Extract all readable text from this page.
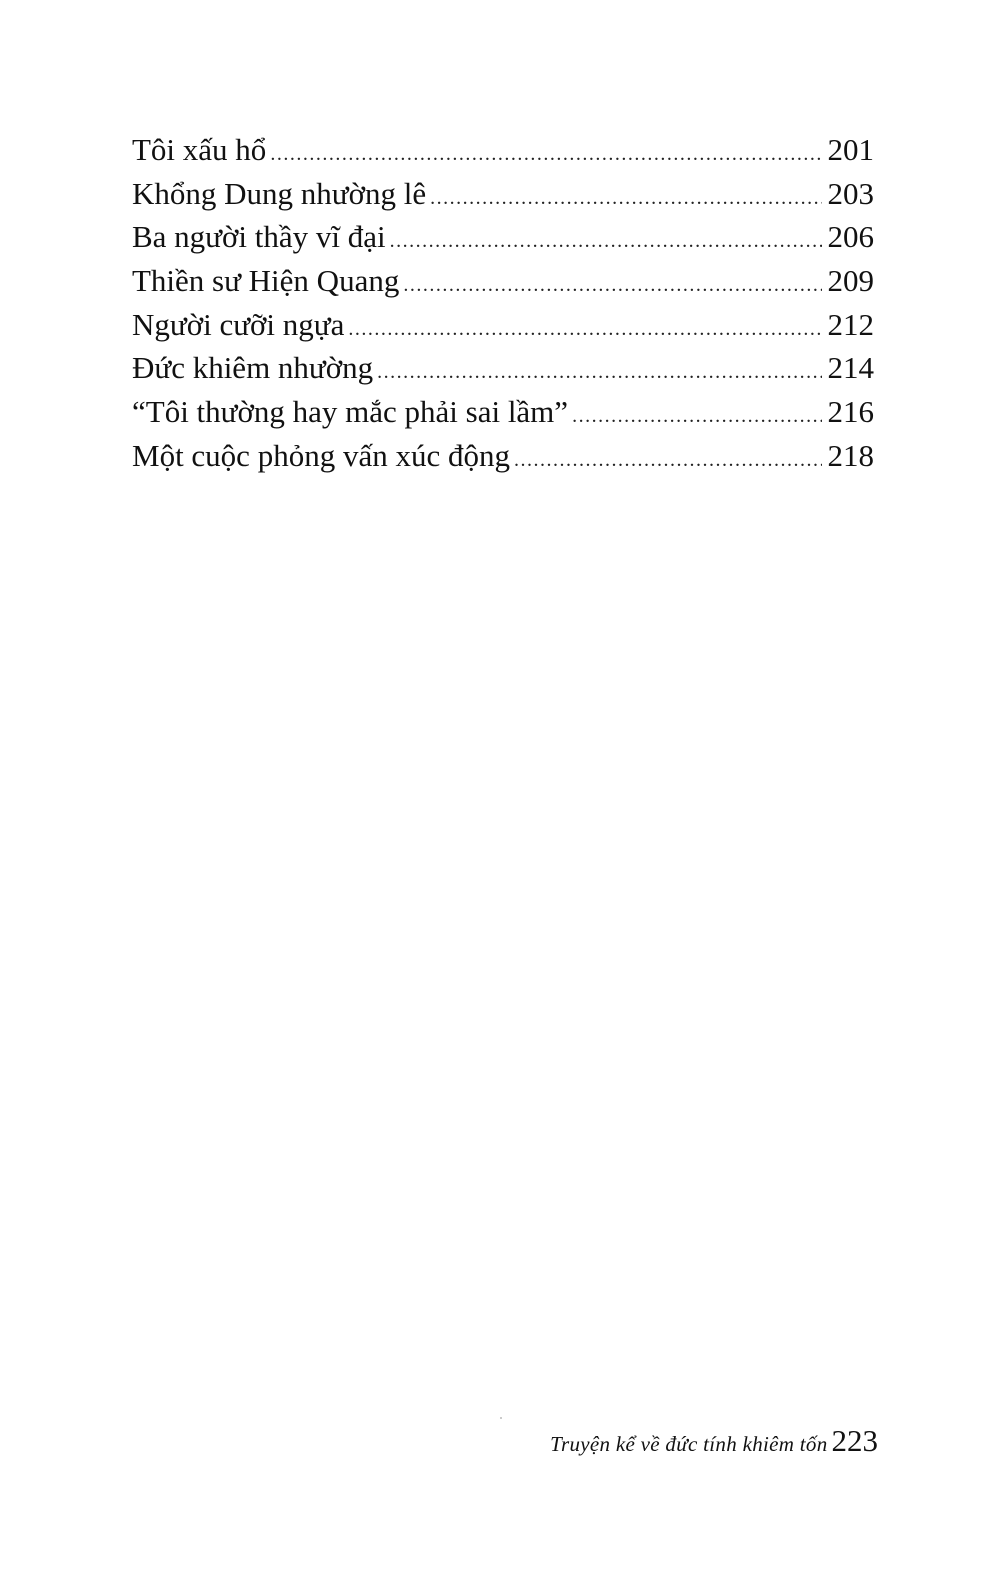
Tôi xấu hổ .....	201
Khổng Dung nhường lê .....	203
Ba người thầy vĩ đại .....	206
Thiền sư Hiện Quang .....	209
Người cưỡi ngựa .....	212
Đức khiêm nhường .....	214
“Tôi thường hay mắc phải sai lầm” .....	216
Một cuộc phỏng vấn xúc động .....	218
Truyện kể về đức tính khiêm tốn 223
